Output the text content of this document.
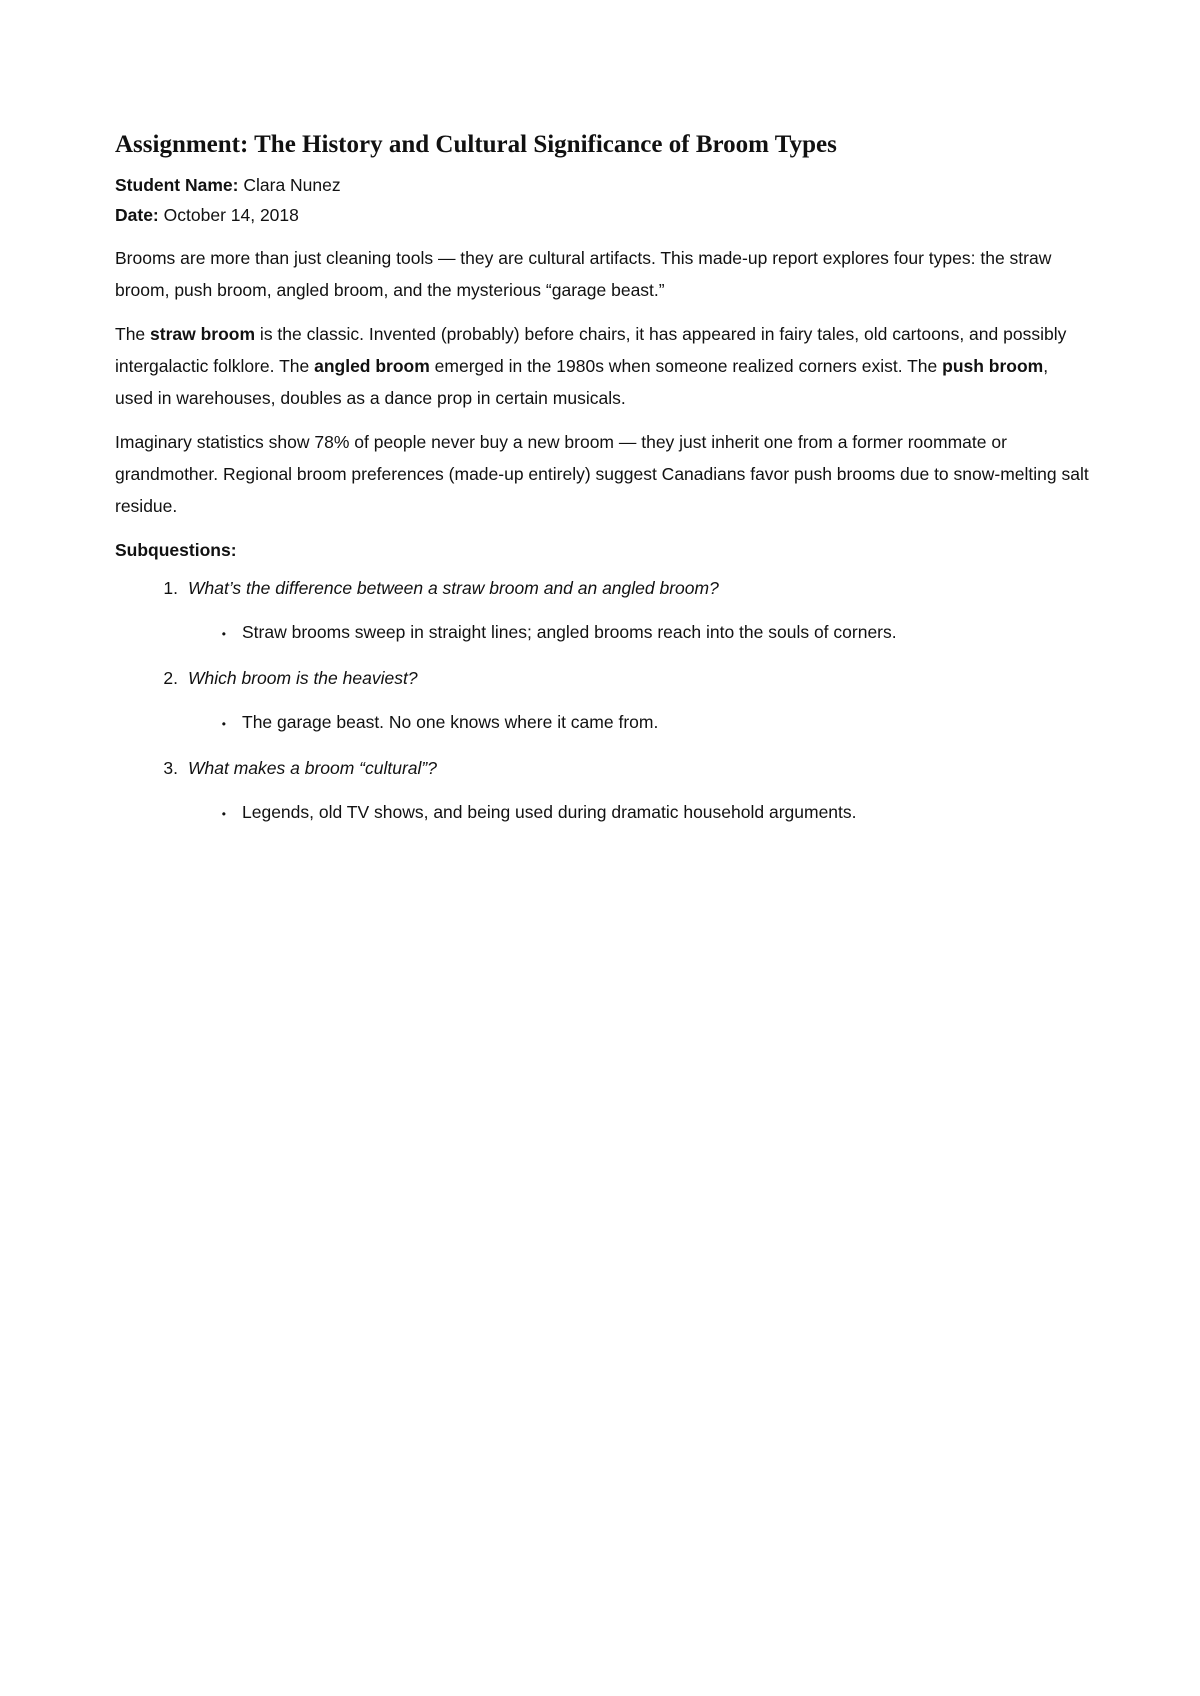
Assignment: The History and Cultural Significance of Broom Types

Student Name: Clara Nunez

Date: October 14, 2018

Brooms are more than just cleaning tools — they are cultural artifacts. This made-up report explores four types: the straw broom, push broom, angled broom, and the mysterious “garage beast.”

The straw broom is the classic. Invented (probably) before chairs, it has appeared in fairy tales, old cartoons, and possibly intergalactic folklore. The angled broom emerged in the 1980s when someone realized corners exist. The push broom, used in warehouses, doubles as a dance prop in certain musicals.

Imaginary statistics show 78% of people never buy a new broom — they just inherit one from a former roommate or grandmother. Regional broom preferences (made-up entirely) suggest Canadians favor push brooms due to snow-melting salt residue.

Subquestions:

1. What’s the difference between a straw broom and an angled broom?
• Straw brooms sweep in straight lines; angled brooms reach into the souls of corners.
2. Which broom is the heaviest?
• The garage beast. No one knows where it came from.
3. What makes a broom “cultural”?
• Legends, old TV shows, and being used during dramatic household arguments.
